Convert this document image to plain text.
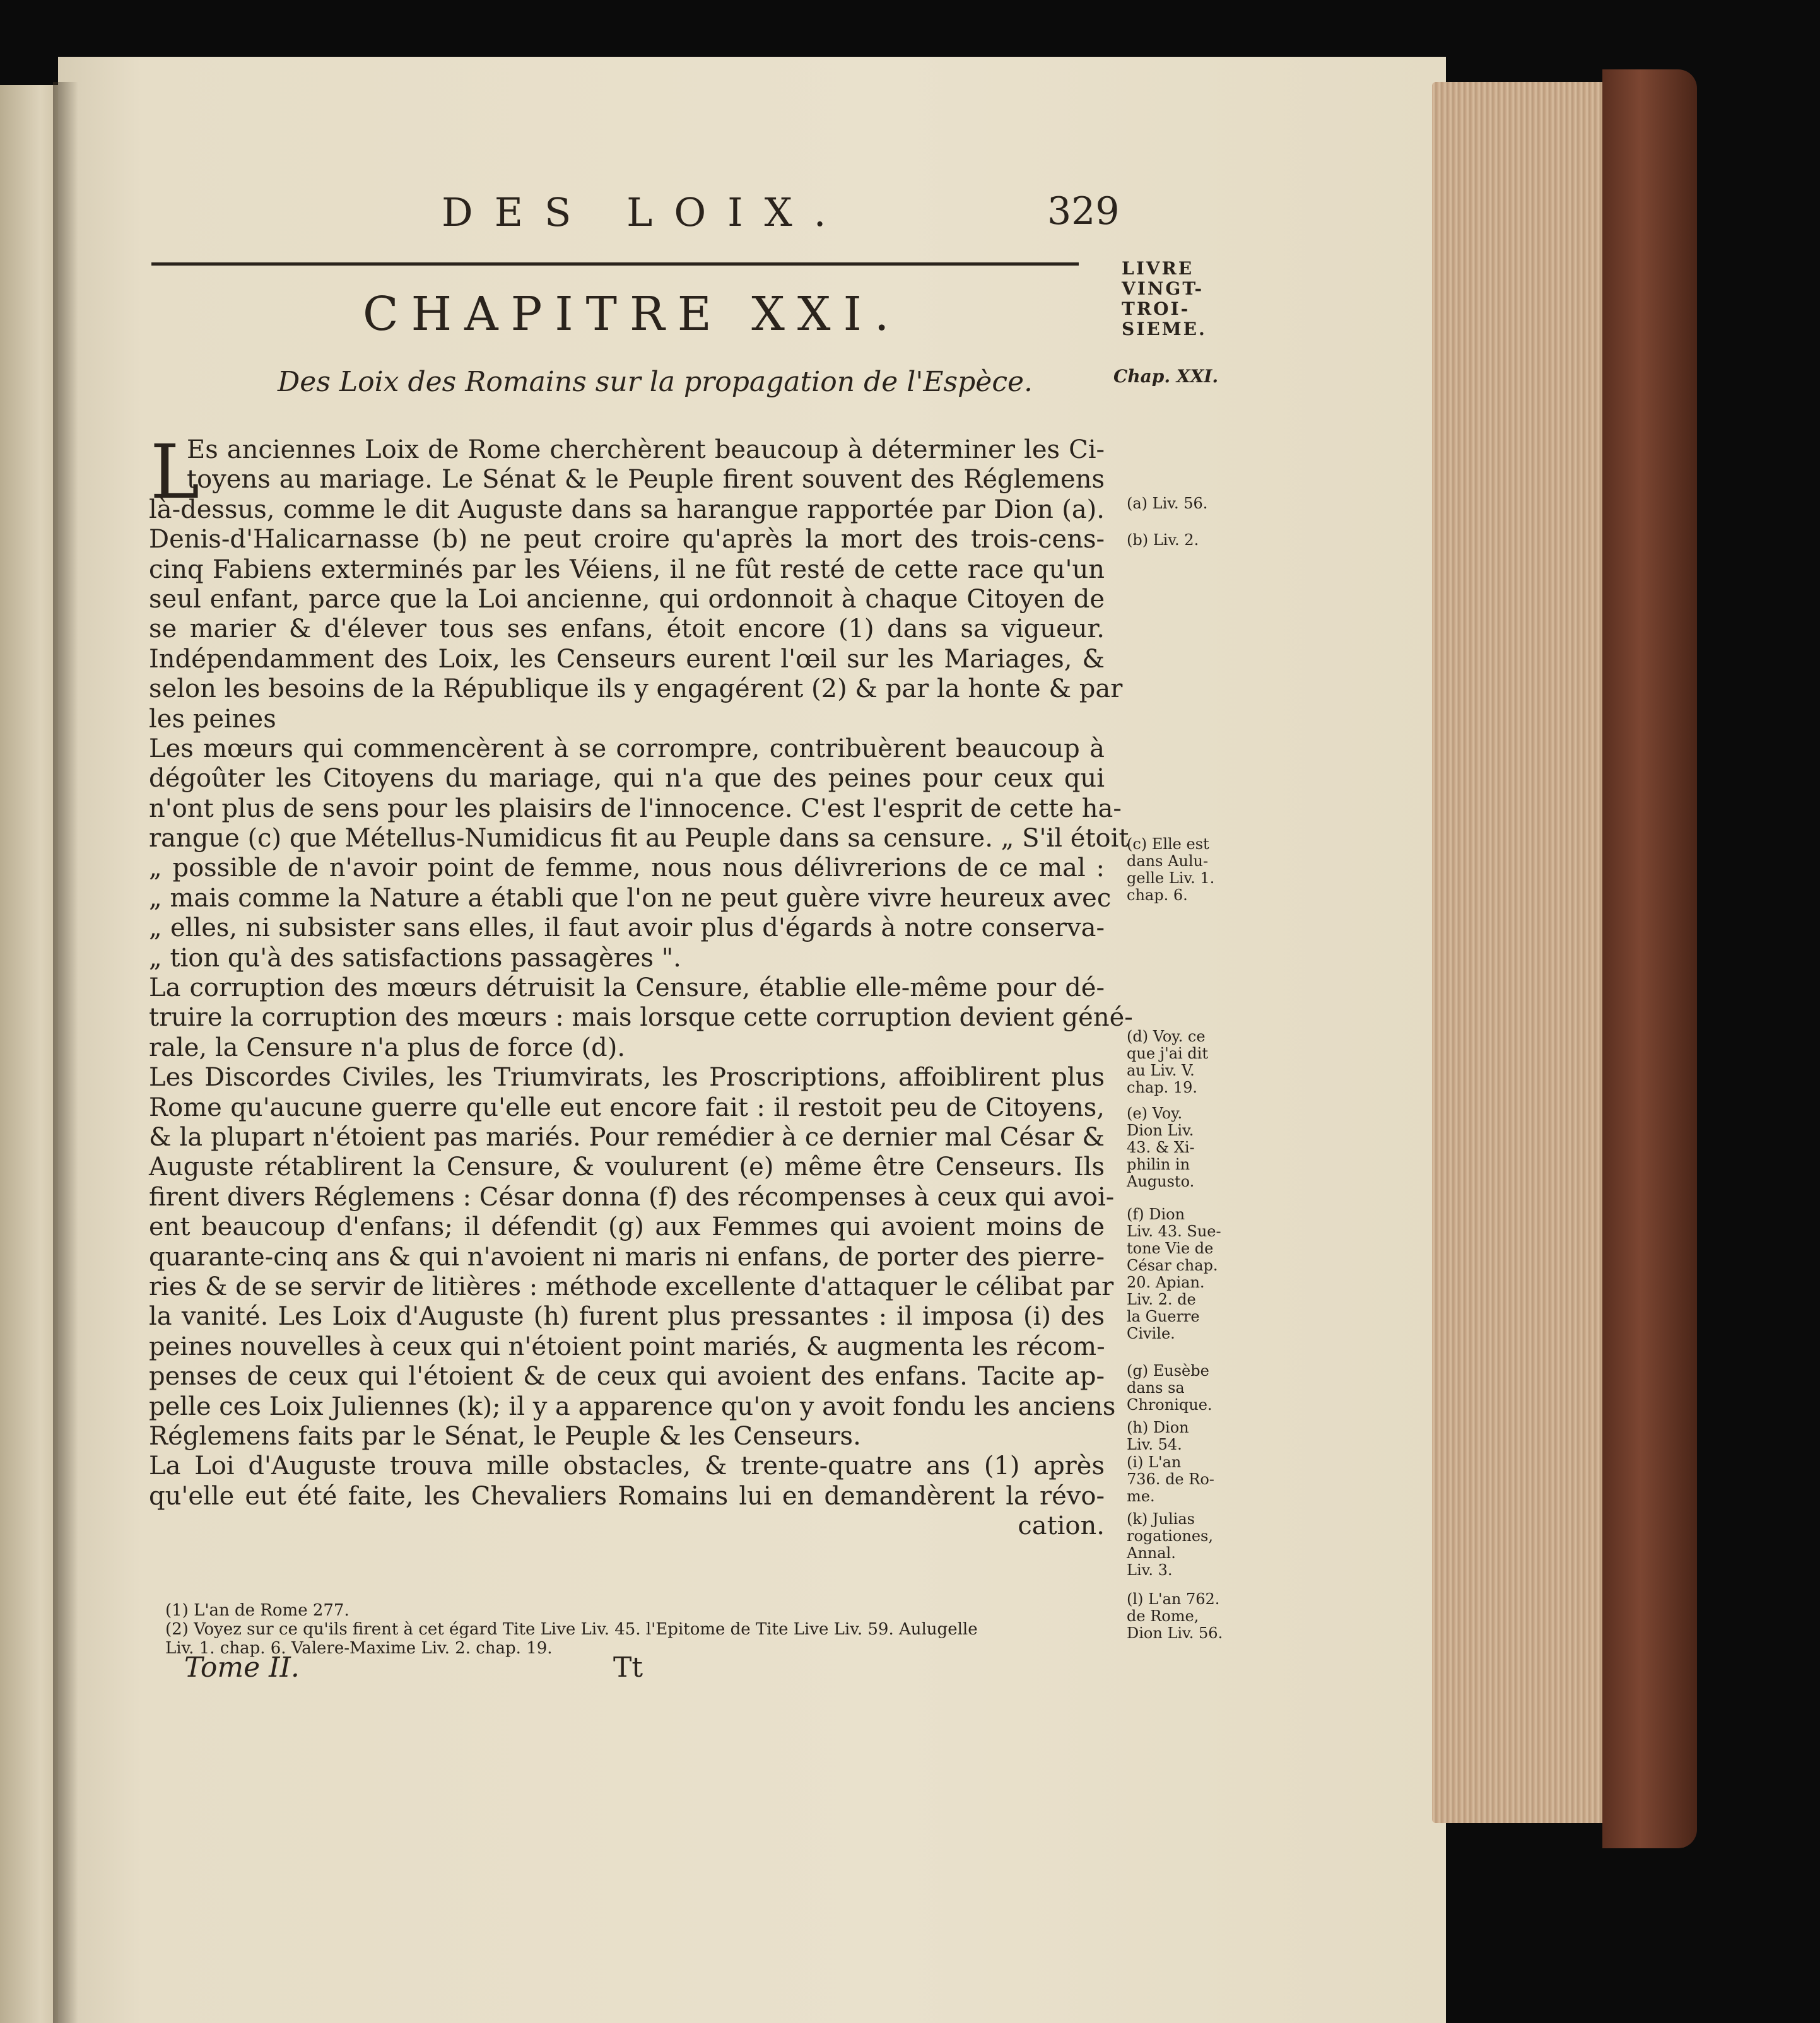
DES LOIX.	329
CHAPITRE XXI.
Des Loix des Romains sur la propagation de l'Espèce.
LIVRE
VINGT-
TROI-
SIEME.
Chap. XXI.
L
Es anciennes Loix de Rome cherchèrent beaucoup à déterminer les Ci-
toyens au mariage. Le Sénat & le Peuple firent souvent des Réglemens
là-dessus, comme le dit Auguste dans sa harangue rapportée par Dion (a).
Denis-d'Halicarnasse (b) ne peut croire qu'après la mort des trois-cens-
cinq Fabiens exterminés par les Véiens, il ne fût resté de cette race qu'un
seul enfant, parce que la Loi ancienne, qui ordonnoit à chaque Citoyen de
se marier & d'élever tous ses enfans, étoit encore (1) dans sa vigueur.
Indépendamment des Loix, les Censeurs eurent l'œil sur les Mariages, &
selon les besoins de la République ils y engagérent (2) & par la honte & par
les peines
Les mœurs qui commencèrent à se corrompre, contribuèrent beaucoup à
dégoûter les Citoyens du mariage, qui n'a que des peines pour ceux qui
n'ont plus de sens pour les plaisirs de l'innocence. C'est l'esprit de cette ha-
rangue (c) que Métellus-Numidicus fit au Peuple dans sa censure. „ S'il étoit
„ possible de n'avoir point de femme, nous nous délivrerions de ce mal :
„ mais comme la Nature a établi que l'on ne peut guère vivre heureux avec
„ elles, ni subsister sans elles, il faut avoir plus d'égards à notre conserva-
„ tion qu'à des satisfactions passagères ".
La corruption des mœurs détruisit la Censure, établie elle-même pour dé-
truire la corruption des mœurs : mais lorsque cette corruption devient géné-
rale, la Censure n'a plus de force (d).
Les Discordes Civiles, les Triumvirats, les Proscriptions, affoiblirent plus
Rome qu'aucune guerre qu'elle eut encore fait : il restoit peu de Citoyens,
& la plupart n'étoient pas mariés. Pour remédier à ce dernier mal César &
Auguste rétablirent la Censure, & voulurent (e) même être Censeurs. Ils
firent divers Réglemens : César donna (f) des récompenses à ceux qui avoi-
ent beaucoup d'enfans; il défendit (g) aux Femmes qui avoient moins de
quarante-cinq ans & qui n'avoient ni maris ni enfans, de porter des pierre-
ries & de se servir de litières : méthode excellente d'attaquer le célibat par
la vanité. Les Loix d'Auguste (h) furent plus pressantes : il imposa (i) des
peines nouvelles à ceux qui n'étoient point mariés, & augmenta les récom-
penses de ceux qui l'étoient & de ceux qui avoient des enfans. Tacite ap-
pelle ces Loix Juliennes (k); il y a apparence qu'on y avoit fondu les anciens
Réglemens faits par le Sénat, le Peuple & les Censeurs.
La Loi d'Auguste trouva mille obstacles, & trente-quatre ans (1) après
qu'elle eut été faite, les Chevaliers Romains lui en demandèrent la révo-
cation.
(1) L'an de Rome 277.
(2) Voyez sur ce qu'ils firent à cet égard Tite Live Liv. 45. l'Epitome de Tite Live Liv. 59. Aulugelle
Liv. 1. chap. 6. Valere-Maxime Liv. 2. chap. 19.
Tome II.	Tt
(a) Liv. 56.
(b) Liv. 2.
(c) Elle est
dans Aulu-
gelle Liv. 1.
chap. 6.
(d) Voy. ce
que j'ai dit
au Liv. V.
chap. 19.
(e) Voy.
Dion Liv.
43. & Xi-
philin in
Augusto.
(f) Dion
Liv. 43. Sue-
tone Vie de
César chap.
20. Apian.
Liv. 2. de
la Guerre
Civile.
(g) Eusèbe
dans sa
Chronique.
(h) Dion
Liv. 54.
(i) L'an
736. de Ro-
me.
(k) Julias
rogationes,
Annal.
Liv. 3.
(l) L'an 762.
de Rome,
Dion Liv. 56.
